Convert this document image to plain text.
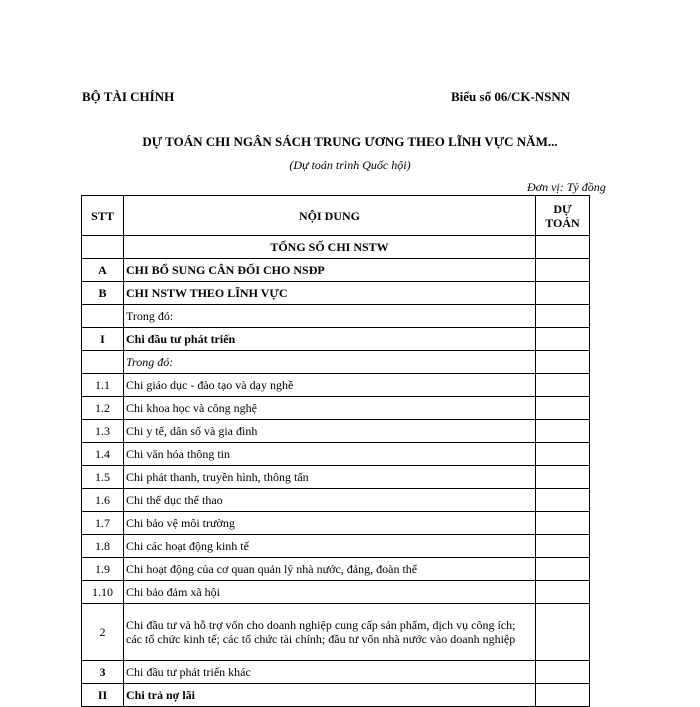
BỘ TÀI CHÍNH	Biểu số 06/CK-NSNN
DỰ TOÁN CHI NGÂN SÁCH TRUNG ƯƠNG THEO LĨNH VỰC NĂM...
(Dự toán trình Quốc hội)
Đơn vị: Tỷ đồng
STT	NỘI DUNG	DỰ TOÁN
	TỔNG SỐ CHI NSTW	
A	CHI BỔ SUNG CÂN ĐỐI CHO NSĐP	
B	CHI NSTW THEO LĨNH VỰC	
	Trong đó:	
I	Chi đầu tư phát triển	
	Trong đó:	
1.1	Chi giáo dục - đào tạo và dạy nghề	
1.2	Chi khoa học và công nghệ	
1.3	Chi y tế, dân số và gia đình	
1.4	Chi văn hóa thông tin	
1.5	Chi phát thanh, truyền hình, thông tấn	
1.6	Chi thể dục thể thao	
1.7	Chi bảo vệ môi trường	
1.8	Chi các hoạt động kinh tế	
1.9	Chi hoạt động của cơ quan quản lý nhà nước, đảng, đoàn thể	
1.10	Chi bảo đảm xã hội	
2	Chi đầu tư và hỗ trợ vốn cho doanh nghiệp cung cấp sản phẩm, dịch vụ công ích; các tổ chức kinh tế; các tổ chức tài chính; đầu tư vốn nhà nước vào doanh nghiệp	
3	Chi đầu tư phát triển khác	
II	Chi trả nợ lãi	
